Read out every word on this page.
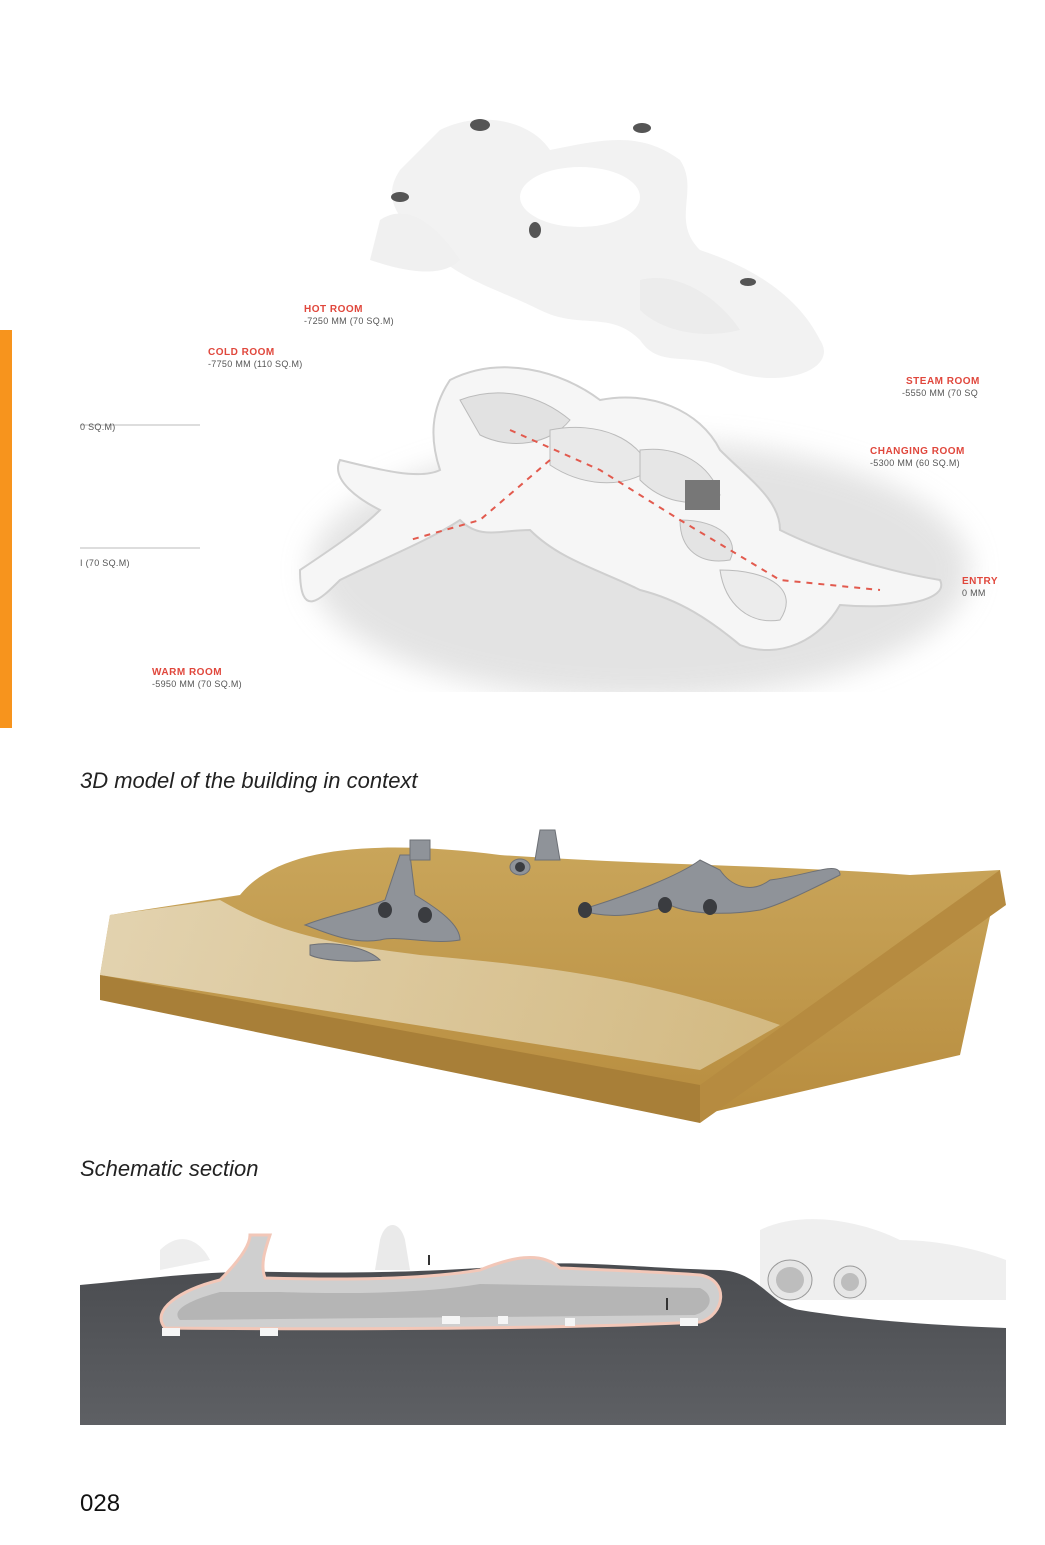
HOT ROOM
-7250 MM (70 SQ.M)
COLD ROOM
-7750 MM (110 SQ.M)
0 SQ.M)
I (70 SQ.M)
STEAM ROOM
-5550 MM (70 SQ
CHANGING ROOM
-5300 MM (60 SQ.M)
ENTRY
0 MM
WARM ROOM
-5950 MM (70 SQ.M)

3D model of the building in context

Schematic section

028
